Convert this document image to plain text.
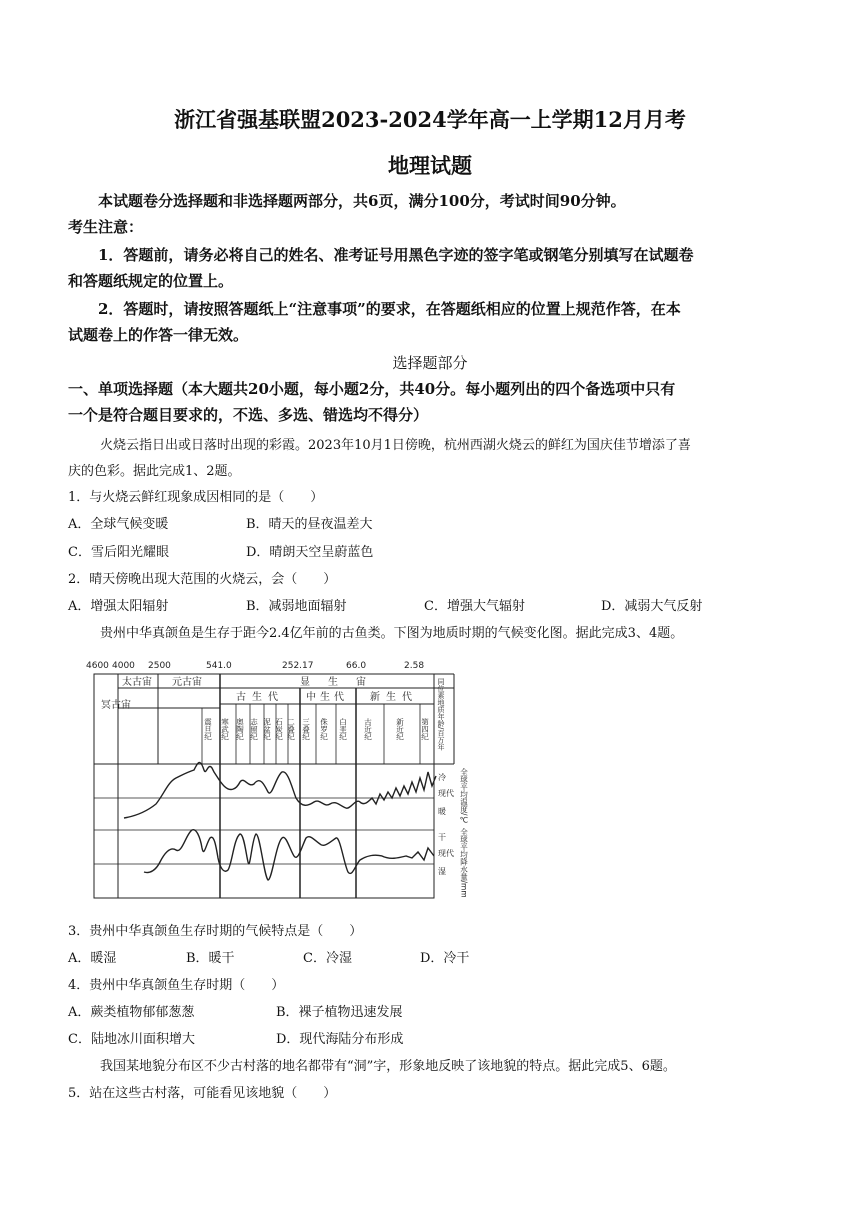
浙江省强基联盟2023-2024学年高一上学期12月月考
地理试题
本试题卷分选择题和非选择题两部分，共6页，满分100分，考试时间90分钟。
考生注意：
1．答题前，请务必将自己的姓名、准考证号用黑色字迹的签字笔或钢笔分别填写在试题卷
和答题纸规定的位置上。
2．答题时，请按照答题纸上“注意事项”的要求，在答题纸相应的位置上规范作答，在本
试题卷上的作答一律无效。
选择题部分
一、单项选择题（本大题共20小题，每小题2分，共40分。每小题列出的四个备选项中只有
一个是符合题目要求的，不选、多选、错选均不得分）
火烧云指日出或日落时出现的彩霞。2023年10月1日傍晚，杭州西湖火烧云的鲜红为国庆佳节增添了喜
庆的色彩。据此完成1、2题。
1．与火烧云鲜红现象成因相同的是（　　）
A．全球气候变暖	B．晴天的昼夜温差大
C．雪后阳光耀眼	D．晴朗天空呈蔚蓝色
2．晴天傍晚出现大范围的火烧云，会（　　）
A．增强太阳辐射	B．减弱地面辐射	C．增强大气辐射	D．减弱大气反射
贵州中华真颌鱼是生存于距今2.4亿年前的古鱼类。下图为地质时期的气候变化图。据此完成3、4题。
4600 4000 2500	541.0	252.17	66.0	2.58
冥古宙
太古宙 元古宙	显生宙
古生代 中生代 新生代
震旦纪 寒武纪 奥陶纪 志留纪 泥盆纪 石炭纪 二叠纪 三叠纪 侏罗纪 白垩纪 古近纪	新近纪 第四纪 同位素地质年龄/百万年
冷
现代
暖
干
现代
湿
全球平均温度/℃
全球平均降水量/mm
3．贵州中华真颌鱼生存时期的气候特点是（　　）
A．暖湿	B．暖干	C．冷湿	D．冷干
4．贵州中华真颌鱼生存时期（　　）
A．蕨类植物郁郁葱葱	B．裸子植物迅速发展
C．陆地冰川面积增大	D．现代海陆分布形成
我国某地貌分布区不少古村落的地名都带有“洞”字，形象地反映了该地貌的特点。据此完成5、6题。
5．站在这些古村落，可能看见该地貌（　　）
